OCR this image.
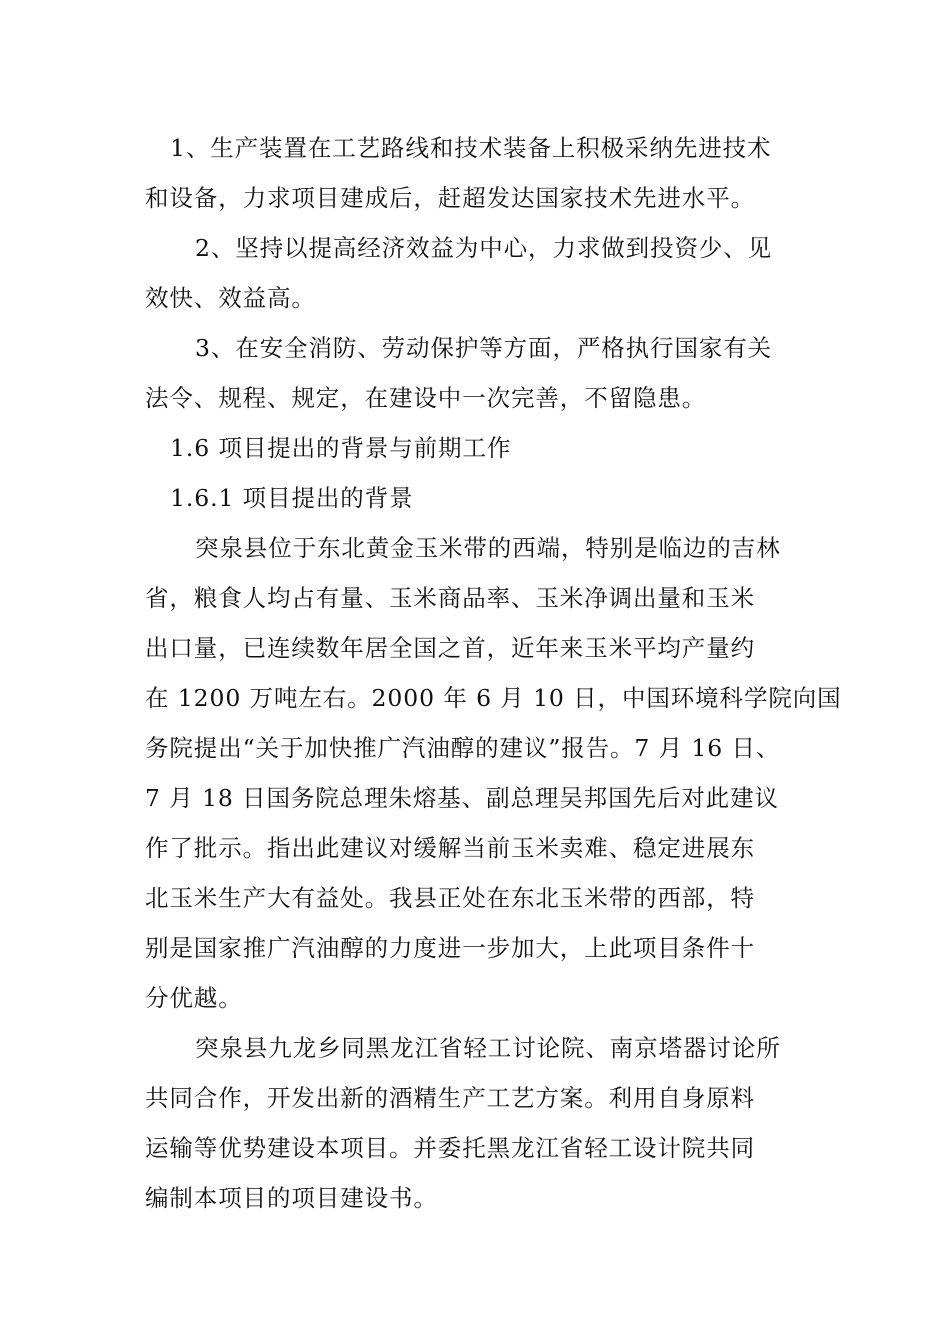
1、生产装置在工艺路线和技术装备上积极采纳先进技术
和设备，力求项目建成后，赶超发达国家技术先进水平。
2、坚持以提高经济效益为中心，力求做到投资少、见
效快、效益高。
3、在安全消防、劳动保护等方面，严格执行国家有关
法令、规程、规定，在建设中一次完善，不留隐患。
1.6 项目提出的背景与前期工作
1.6.1 项目提出的背景
突泉县位于东北黄金玉米带的西端，特别是临边的吉林
省，粮食人均占有量、玉米商品率、玉米净调出量和玉米
出口量，已连续数年居全国之首，近年来玉米平均产量约
在 1200 万吨左右。2000 年 6 月 10 日，中国环境科学院向国
务院提出“关于加快推广汽油醇的建议”报告。7 月 16 日、
7 月 18 日国务院总理朱熔基、副总理吴邦国先后对此建议
作了批示。指出此建议对缓解当前玉米卖难、稳定进展东
北玉米生产大有益处。我县正处在东北玉米带的西部，特
别是国家推广汽油醇的力度进一步加大，上此项目条件十
分优越。
突泉县九龙乡同黑龙江省轻工讨论院、南京塔器讨论所
共同合作，开发出新的酒精生产工艺方案。利用自身原料
运输等优势建设本项目。并委托黑龙江省轻工设计院共同
编制本项目的项目建设书。
